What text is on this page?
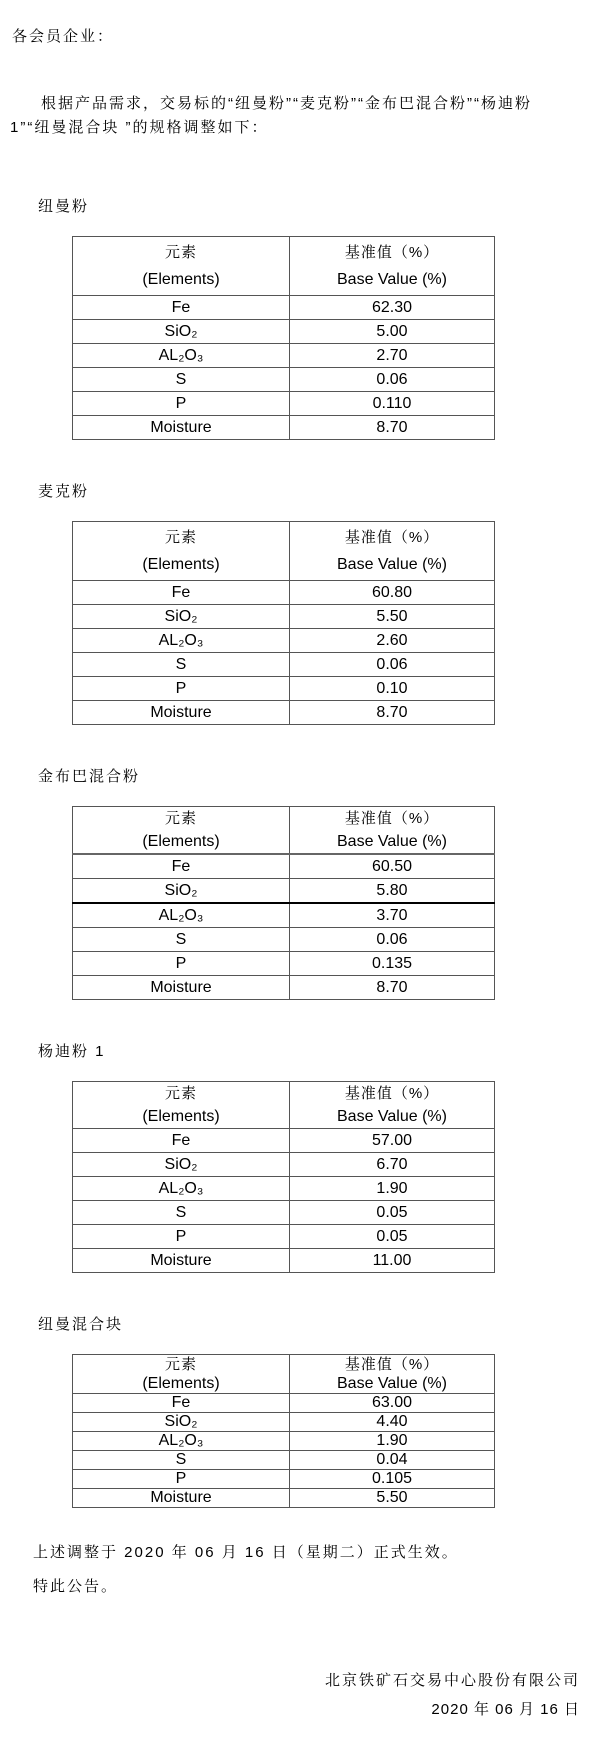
各会员企业：
根据产品需求，交易标的“纽曼粉”“麦克粉”“金布巴混合粉”“杨迪粉
1”“纽曼混合块 ”的规格调整如下：
纽曼粉
元素
(Elements)

基准值（%）
Base Value (%)

Fe	62.30
SiO₂	5.00
AL₂O₃	2.70
S	0.06
P	0.110
Moisture	8.70
麦克粉
元素
(Elements)

基准值（%）
Base Value (%)

Fe	60.80
SiO₂	5.50
AL₂O₃	2.60
S	0.06
P	0.10
Moisture	8.70
金布巴混合粉
元素
(Elements)

基准值（%）
Base Value (%)

Fe	60.50
SiO₂	5.80
AL₂O₃	3.70
S	0.06
P	0.135
Moisture	8.70
杨迪粉 1
元素
(Elements)

基准值（%）
Base Value (%)

Fe	57.00
SiO₂	6.70
AL₂O₃	1.90
S	0.05
P	0.05
Moisture	11.00
纽曼混合块
元素
(Elements)

基准值（%）
Base Value (%)

Fe	63.00
SiO₂	4.40
AL₂O₃	1.90
S	0.04
P	0.105
Moisture	5.50
上述调整于 2020 年 06 月 16 日（星期二）正式生效。
特此公告。
北京铁矿石交易中心股份有限公司
2020 年 06 月 16 日
